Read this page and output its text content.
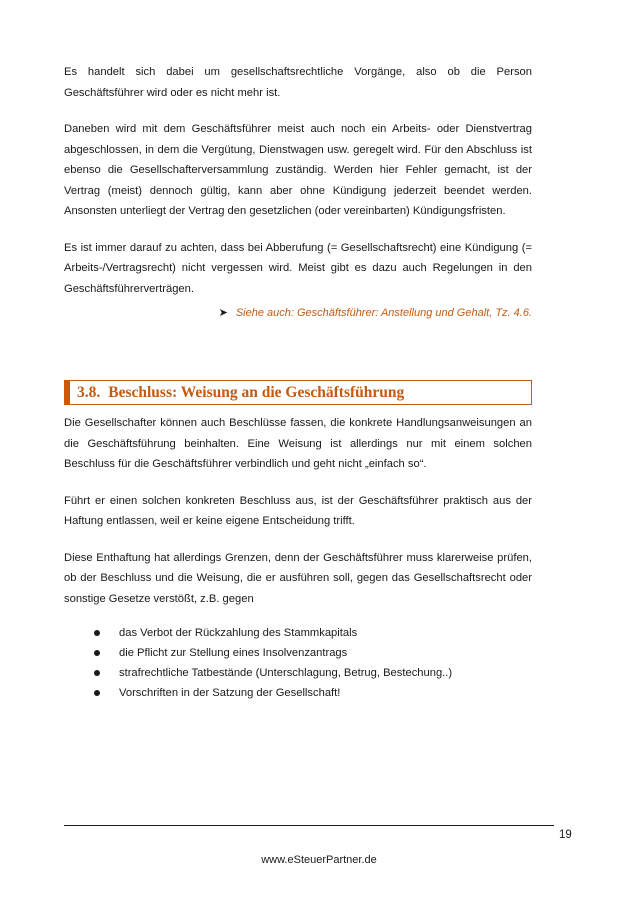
Es handelt sich dabei um gesellschaftsrechtliche Vorgänge, also ob die Person Geschäftsführer wird oder es nicht mehr ist.

Daneben wird mit dem Geschäftsführer meist auch noch ein Arbeits- oder Dienstvertrag abgeschlossen, in dem die Vergütung, Dienstwagen usw. geregelt wird. Für den Abschluss ist ebenso die Gesellschafterversammlung zuständig. Werden hier Fehler gemacht, ist der Vertrag (meist) dennoch gültig, kann aber ohne Kündigung jederzeit beendet werden. Ansonsten unterliegt der Vertrag den gesetzlichen (oder vereinbarten) Kündigungsfristen.

Es ist immer darauf zu achten, dass bei Abberufung (= Gesellschaftsrecht) eine Kündigung (= Arbeits-/Vertragsrecht) nicht vergessen wird. Meist gibt es dazu auch Regelungen in den Geschäftsführerverträgen.

➤ Siehe auch: Geschäftsführer: Anstellung und Gehalt, Tz. 4.6.
3.8. Beschluss: Weisung an die Geschäftsführung

Die Gesellschafter können auch Beschlüsse fassen, die konkrete Handlungsanweisungen an die Geschäftsführung beinhalten. Eine Weisung ist allerdings nur mit einem solchen Beschluss für die Geschäftsführer verbindlich und geht nicht „einfach so“.

Führt er einen solchen konkreten Beschluss aus, ist der Geschäftsführer praktisch aus der Haftung entlassen, weil er keine eigene Entscheidung trifft.

Diese Enthaftung hat allerdings Grenzen, denn der Geschäftsführer muss klarerweise prüfen, ob der Beschluss und die Weisung, die er ausführen soll, gegen das Gesellschaftsrecht oder sonstige Gesetze verstößt, z.B. gegen

das Verbot der Rückzahlung des Stammkapitals
die Pflicht zur Stellung eines Insolvenzantrags
strafrechtliche Tatbestände (Unterschlagung, Betrug, Bestechung..)
Vorschriften in der Satzung der Gesellschaft!
19
www.eSteuerPartner.de
